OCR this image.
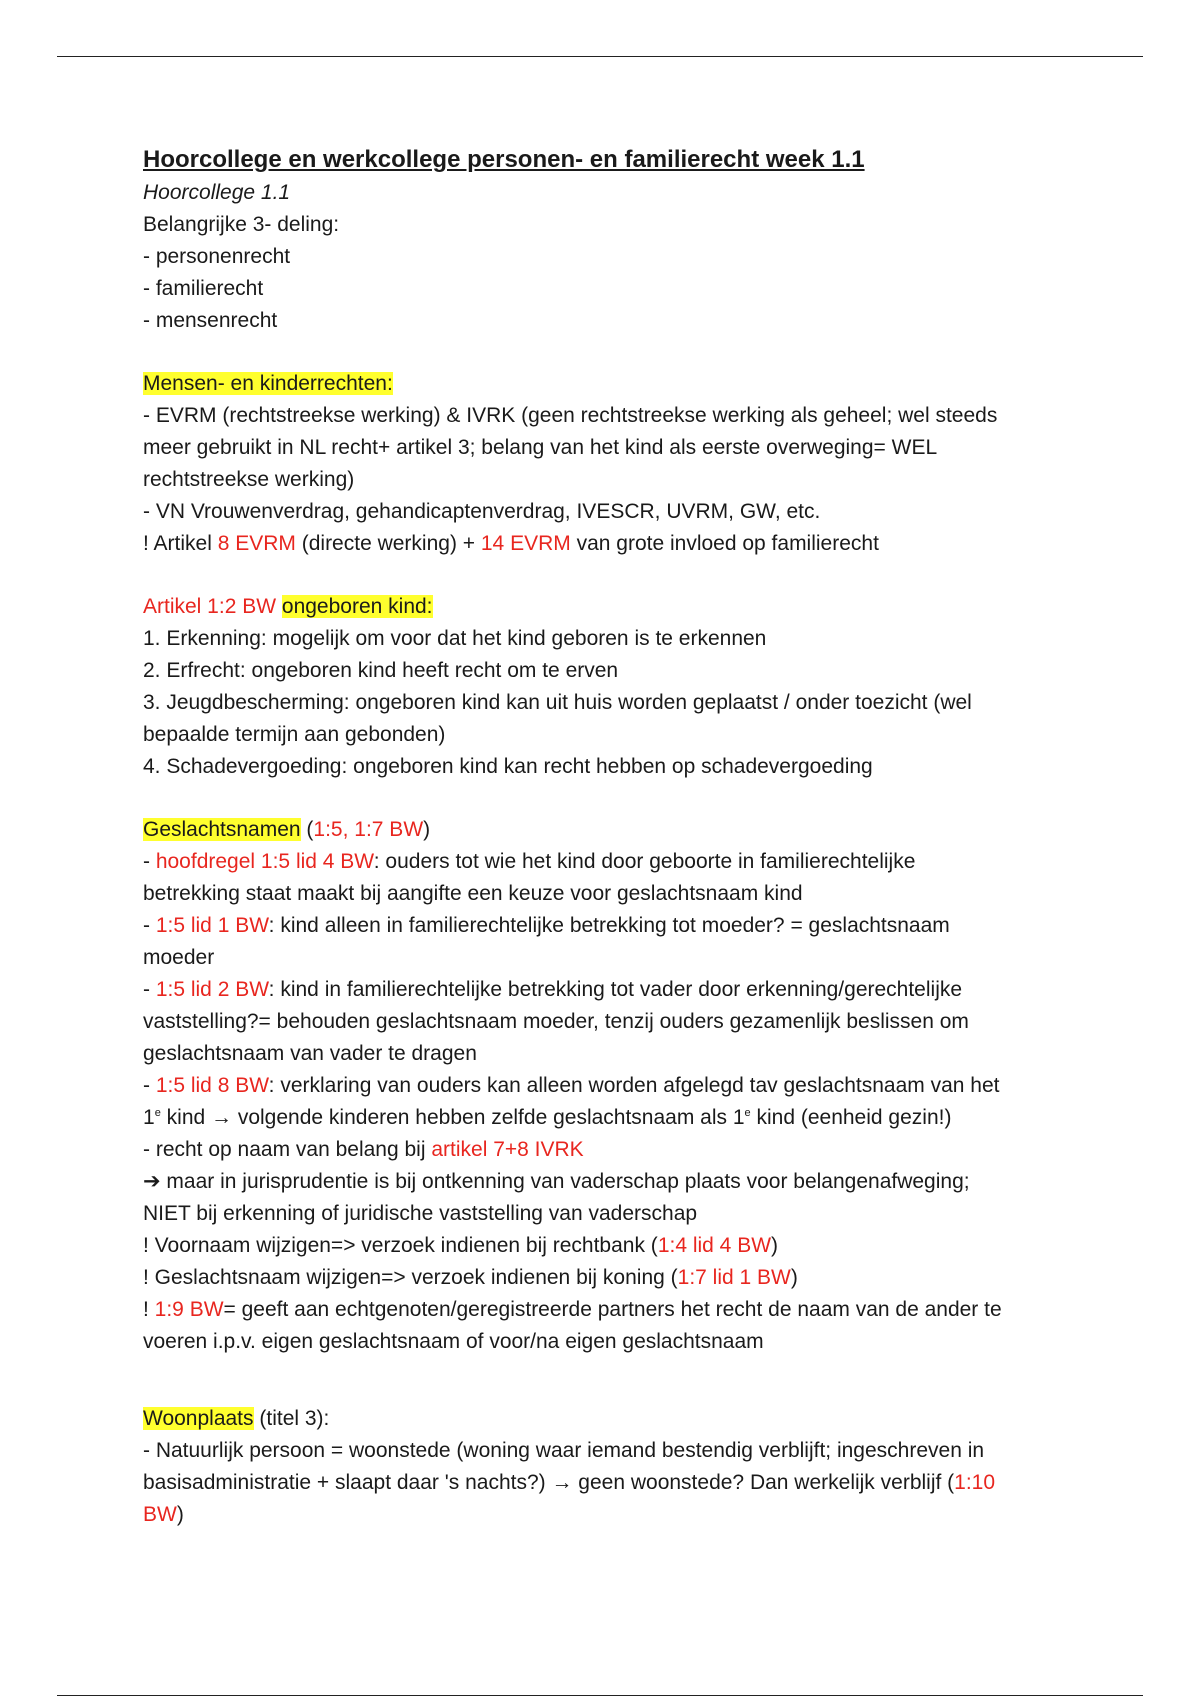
Hoorcollege en werkcollege personen- en familierecht week 1.1
Hoorcollege 1.1
Belangrijke 3- deling:
- personenrecht
- familierecht
- mensenrecht
Mensen- en kinderrechten:
- EVRM (rechtstreekse werking) & IVRK (geen rechtstreekse werking als geheel; wel steeds
meer gebruikt in NL recht+ artikel 3; belang van het kind als eerste overweging= WEL
rechtstreekse werking)
- VN Vrouwenverdrag, gehandicaptenverdrag, IVESCR, UVRM, GW, etc.
! Artikel 8 EVRM (directe werking) + 14 EVRM van grote invloed op familierecht
Artikel 1:2 BW ongeboren kind:
1. Erkenning: mogelijk om voor dat het kind geboren is te erkennen
2. Erfrecht: ongeboren kind heeft recht om te erven
3. Jeugdbescherming: ongeboren kind kan uit huis worden geplaatst / onder toezicht (wel
bepaalde termijn aan gebonden)
4. Schadevergoeding: ongeboren kind kan recht hebben op schadevergoeding
Geslachtsnamen (1:5, 1:7 BW)
- hoofdregel 1:5 lid 4 BW: ouders tot wie het kind door geboorte in familierechtelijke
betrekking staat maakt bij aangifte een keuze voor geslachtsnaam kind
- 1:5 lid 1 BW: kind alleen in familierechtelijke betrekking tot moeder? = geslachtsnaam
moeder
- 1:5 lid 2 BW: kind in familierechtelijke betrekking tot vader door erkenning/gerechtelijke
vaststelling?= behouden geslachtsnaam moeder, tenzij ouders gezamenlijk beslissen om
geslachtsnaam van vader te dragen
- 1:5 lid 8 BW: verklaring van ouders kan alleen worden afgelegd tav geslachtsnaam van het
1e kind → volgende kinderen hebben zelfde geslachtsnaam als 1e kind (eenheid gezin!)
- recht op naam van belang bij artikel 7+8 IVRK
➔ maar in jurisprudentie is bij ontkenning van vaderschap plaats voor belangenafweging;
NIET bij erkenning of juridische vaststelling van vaderschap
! Voornaam wijzigen=> verzoek indienen bij rechtbank (1:4 lid 4 BW)
! Geslachtsnaam wijzigen=> verzoek indienen bij koning (1:7 lid 1 BW)
! 1:9 BW= geeft aan echtgenoten/geregistreerde partners het recht de naam van de ander te
voeren i.p.v. eigen geslachtsnaam of voor/na eigen geslachtsnaam
Woonplaats (titel 3):
- Natuurlijk persoon = woonstede (woning waar iemand bestendig verblijft; ingeschreven in
basisadministratie + slaapt daar 's nachts?) → geen woonstede? Dan werkelijk verblijf (1:10
BW)
